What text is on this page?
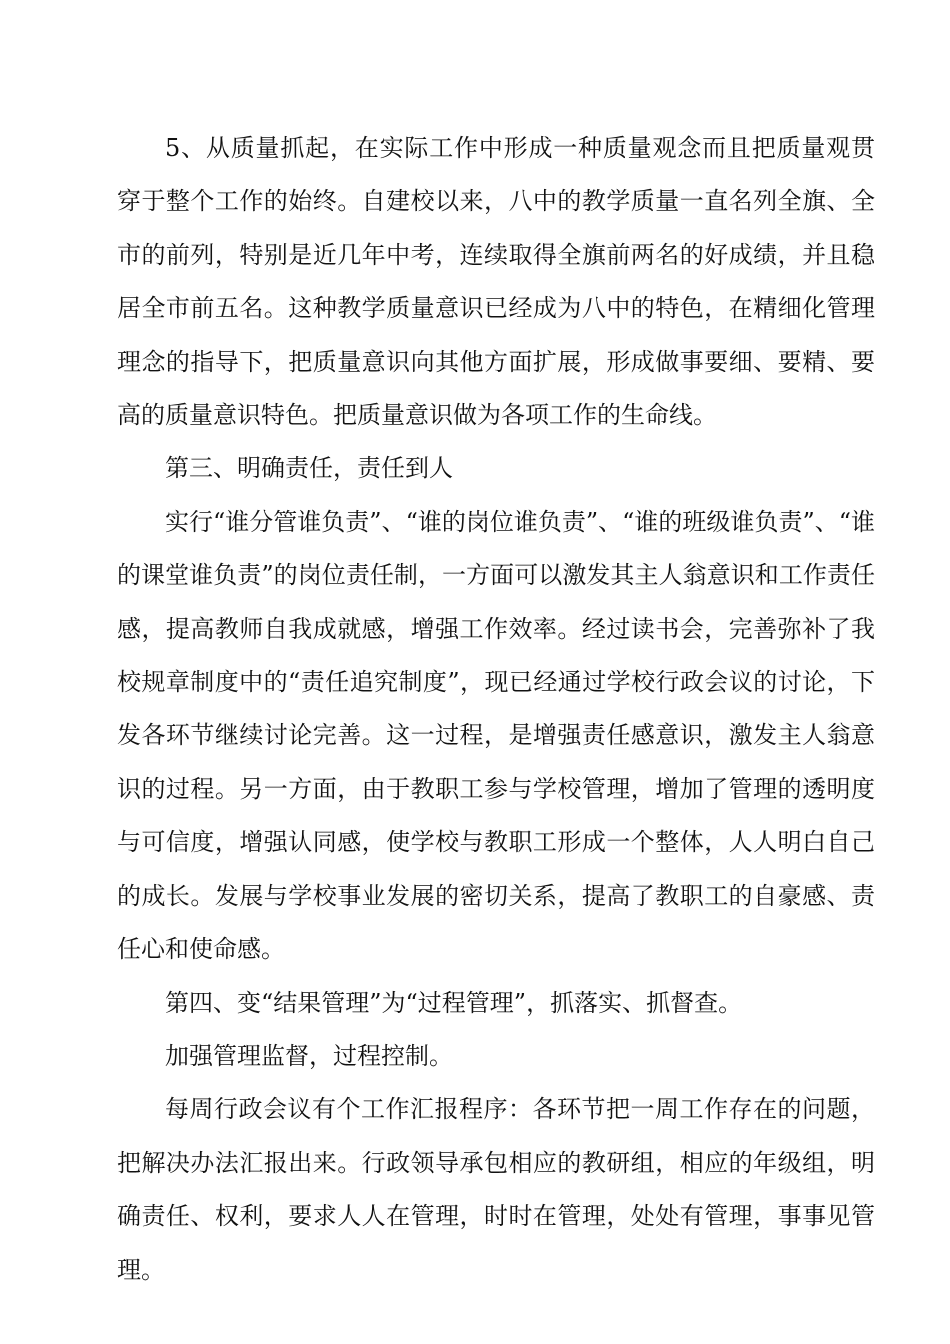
5、从质量抓起，在实际工作中形成一种质量观念而且把质量观贯穿于整个工作的始终。自建校以来，八中的教学质量一直名列全旗、全市的前列，特别是近几年中考，连续取得全旗前两名的好成绩，并且稳居全市前五名。这种教学质量意识已经成为八中的特色，在精细化管理理念的指导下，把质量意识向其他方面扩展，形成做事要细、要精、要高的质量意识特色。把质量意识做为各项工作的生命线。

第三、明确责任，责任到人

实行“谁分管谁负责”、“谁的岗位谁负责”、“谁的班级谁负责”、“谁的课堂谁负责”的岗位责任制，一方面可以激发其主人翁意识和工作责任感，提高教师自我成就感，增强工作效率。经过读书会，完善弥补了我校规章制度中的“责任追究制度”，现已经通过学校行政会议的讨论，下发各环节继续讨论完善。这一过程，是增强责任感意识，激发主人翁意识的过程。另一方面，由于教职工参与学校管理，增加了管理的透明度与可信度，增强认同感，使学校与教职工形成一个整体，人人明白自己的成长。发展与学校事业发展的密切关系，提高了教职工的自豪感、责任心和使命感。

第四、变“结果管理”为“过程管理”，抓落实、抓督查。

加强管理监督，过程控制。

每周行政会议有个工作汇报程序：各环节把一周工作存在的问题，把解决办法汇报出来。行政领导承包相应的教研组，相应的年级组，明确责任、权利，要求人人在管理，时时在管理，处处有管理，事事见管理。
